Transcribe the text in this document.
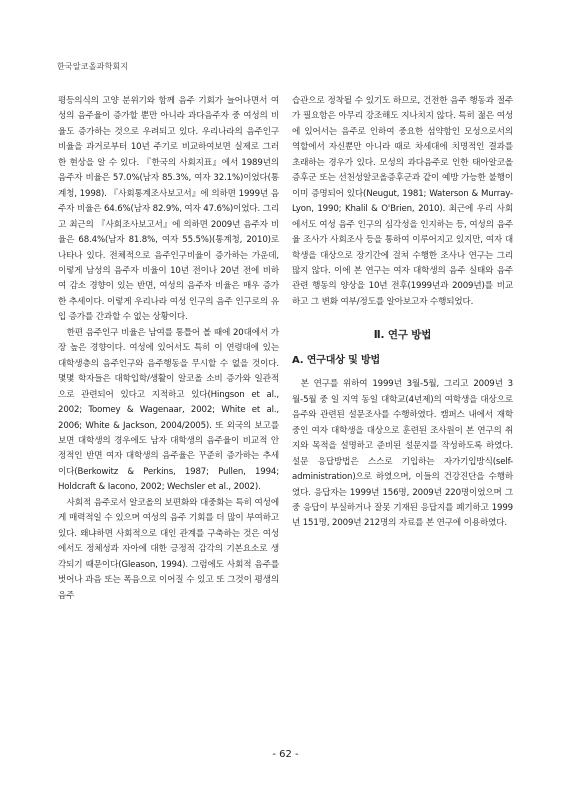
한국알코올과학회지

평등의식의 고양 분위기와 함께 음주 기회가 늘어나면서 여성의 음주율이 증가할 뿐만 아니라 과다음주자 중 여성의 비율도 증가하는 것으로 우려되고 있다. 우리나라의 음주인구비율을 과거로부터 10년 주기로 비교하여보면 실제로 그러한 현상을 알 수 있다. 『한국의 사회지표』에서 1989년의 음주자 비율은 57.0%(남자 85.3%, 여자 32.1%)이었다(통계청, 1998). 『사회통계조사보고서』에 의하면 1999년 음주자 비율은 64.6%(남자 82.9%, 여자 47.6%)이었다. 그리고 최근의 『사회조사보고서』에 의하면 2009년 음주자 비율은 68.4%(남자 81.8%, 여자 55.5%)(통계청, 2010)로 나타나 있다. 전체적으로 음주인구비율이 증가하는 가운데, 이렇게 남성의 음주자 비율이 10년 전이나 20년 전에 비하여 감소 경향이 있는 반면, 여성의 음주자 비율은 매우 증가한 추세이다. 이렇게 우리나라 여성 인구의 음주 인구로의 유입 증가를 간과할 수 없는 상황이다.

한편 음주인구 비율은 남여를 통틀어 볼 때에 20대에서 가장 높은 경향이다. 여성에 있어서도 특히 이 연령대에 있는 대학생층의 음주인구와 음주행동을 무시할 수 없을 것이다. 몇몇 학자들은 대학입학/생활이 알코올 소비 증가와 일관적으로 관련되어 있다고 지적하고 있다(Hingson et al., 2002; Toomey & Wagenaar, 2002; White et al., 2006; White & Jackson, 2004/2005). 또 외국의 보고를 보면 대학생의 경우에도 남자 대학생의 음주율이 비교적 안정적인 반면 여자 대학생의 음주율은 꾸준히 증가하는 추세이다(Berkowitz & Perkins, 1987; Pullen, 1994; Holdcraft & Iacono, 2002; Wechsler et al., 2002).

사회적 음주로서 알코올의 보편화와 대중화는 특히 여성에게 매력적일 수 있으며 여성의 음주 기회를 더 많이 부여하고 있다. 왜냐하면 사회적으로 대인 관계를 구축하는 것은 여성에서도 정체성과 자아에 대한 긍정적 감각의 기본요소로 생각되기 때문이다(Gleason, 1994). 그럼에도 사회적 음주를 벗어나 과음 또는 폭음으로 이어질 수 있고 또 그것이 평생의 음주

습관으로 정착될 수 있기도 하므로, 건전한 음주 행동과 절주가 필요함은 아무리 강조해도 지나치지 않다. 특히 젊은 여성에 있어서는 음주로 인하여 중요한 섬약함인 모성으로서의 역할에서 자신뿐만 아니라 때로 차세대에 치명적인 결과를 초래하는 경우가 있다. 모성의 과다음주로 인한 태아알코올증후군 또는 선천성알코올증후군과 같이 예방 가능한 불행이 이미 증명되어 있다(Neugut, 1981; Waterson & Murray-Lyon, 1990; Khalil & O'Brien, 2010). 최근에 우리 사회에서도 여성 음주 인구의 심각성을 인지하는 등, 여성의 음주율 조사가 사회조사 등을 통하여 이루어지고 있지만, 여자 대학생을 대상으로 장기간에 걸쳐 수행한 조사나 연구는 그리 많지 않다. 이에 본 연구는 여자 대학생의 음주 실태와 음주관련 행동의 양상을 10년 전후(1999년과 2009년)를 비교하고 그 변화 여부/정도를 알아보고자 수행되었다.

Ⅱ. 연구 방법
A. 연구대상 및 방법

본 연구를 위하여 1999년 3월-5월, 그리고 2009년 3월-5월 중 일 지역 동일 대학교(4년제)의 여학생을 대상으로 음주와 관련된 설문조사를 수행하였다. 캠퍼스 내에서 재학 중인 여자 대학생을 대상으로 훈련된 조사원이 본 연구의 취지와 목적을 설명하고 준비된 설문지를 작성하도록 하였다. 설문 응답방법은 스스로 기입하는 자가기입방식(self-administration)으로 하였으며, 이들의 건강진단을 수행하였다. 응답자는 1999년 156명, 2009년 220명이었으며 그 중 응답이 부실하거나 잘못 기재된 응답지를 폐기하고 1999년 151명, 2009년 212명의 자료를 본 연구에 이용하였다.

- 62 -
